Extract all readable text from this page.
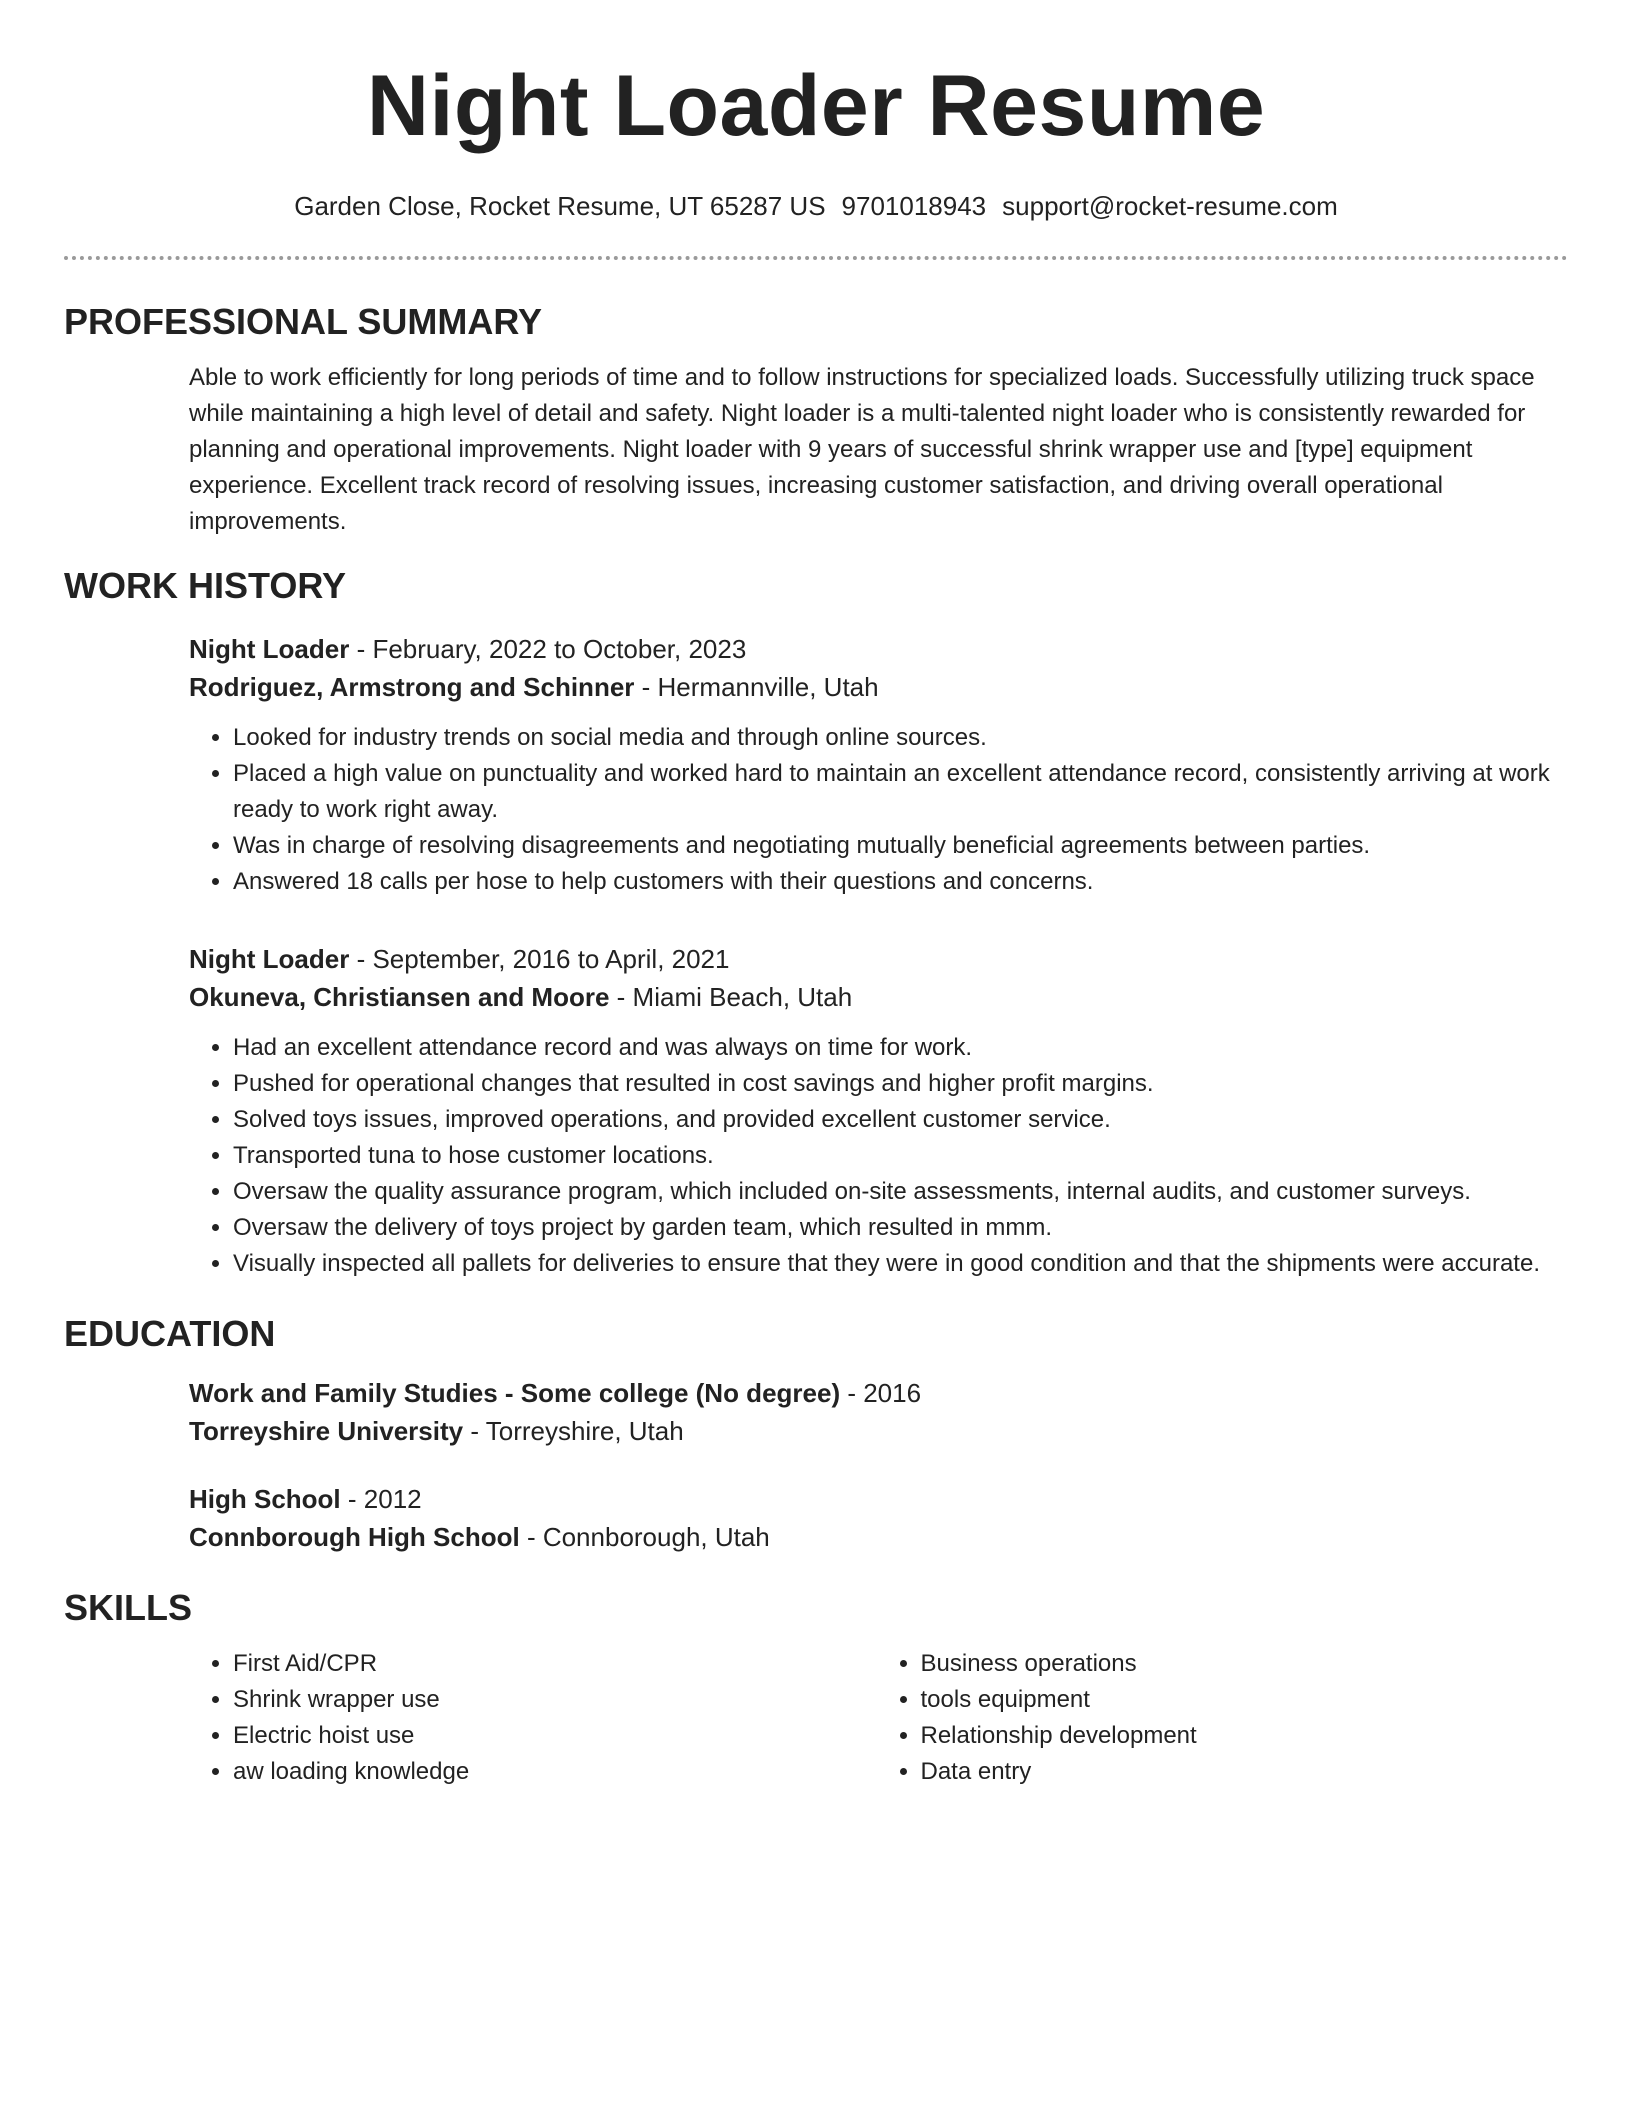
Night Loader Resume
Garden Close, Rocket Resume, UT 65287 US 9701018943 support@rocket-resume.com
PROFESSIONAL SUMMARY

Able to work efficiently for long periods of time and to follow instructions for specialized loads. Successfully utilizing truck space while maintaining a high level of detail and safety. Night loader is a multi-talented night loader who is consistently rewarded for planning and operational improvements. Night loader with 9 years of successful shrink wrapper use and [type] equipment experience. Excellent track record of resolving issues, increasing customer satisfaction, and driving overall operational improvements.

WORK HISTORY
Night Loader - February, 2022 to October, 2023
Rodriguez, Armstrong and Schinner - Hermannville, Utah
• Looked for industry trends on social media and through online sources.
• Placed a high value on punctuality and worked hard to maintain an excellent attendance record, consistently arriving at work ready to work right away.
• Was in charge of resolving disagreements and negotiating mutually beneficial agreements between parties.
• Answered 18 calls per hose to help customers with their questions and concerns.
Night Loader - September, 2016 to April, 2021
Okuneva, Christiansen and Moore - Miami Beach, Utah
• Had an excellent attendance record and was always on time for work.
• Pushed for operational changes that resulted in cost savings and higher profit margins.
• Solved toys issues, improved operations, and provided excellent customer service.
• Transported tuna to hose customer locations.
• Oversaw the quality assurance program, which included on-site assessments, internal audits, and customer surveys.
• Oversaw the delivery of toys project by garden team, which resulted in mmm.
• Visually inspected all pallets for deliveries to ensure that they were in good condition and that the shipments were accurate.
EDUCATION
Work and Family Studies - Some college (No degree) - 2016
Torreyshire University - Torreyshire, Utah
High School - 2012
Connborough High School - Connborough, Utah
SKILLS
• First Aid/CPR
• Shrink wrapper use
• Electric hoist use
• aw loading knowledge
• Business operations
• tools equipment
• Relationship development
• Data entry
